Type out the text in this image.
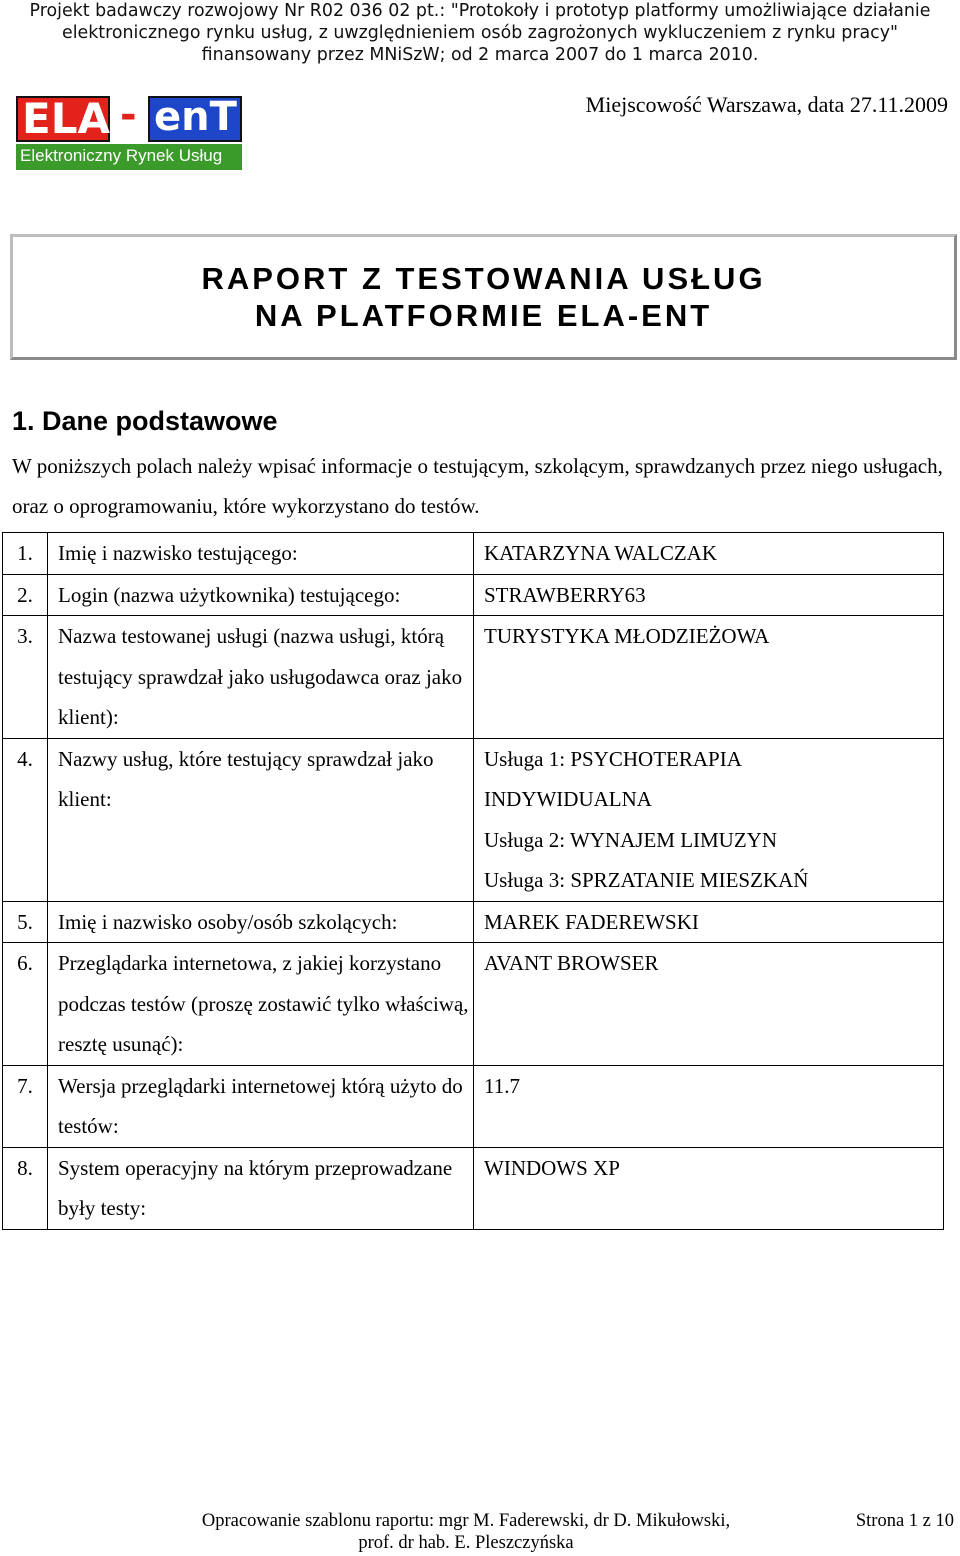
Projekt badawczy rozwojowy Nr R02 036 02 pt.: "Protokoły i prototyp platformy umożliwiające działanie
elektronicznego rynku usług, z uwzględnieniem osób zagrożonych wykluczeniem z rynku pracy"
finansowany przez MNiSzW; od 2 marca 2007 do 1 marca 2010.
ELA - enT
Elektroniczny Rynek Usług
Miejscowość Warszawa, data 27.11.2009
RAPORT Z TESTOWANIA USŁUG
NA PLATFORMIE ELA-ENT
1. Dane podstawowe
W poniższych polach należy wpisać informacje o testującym, szkolącym, sprawdzanych przez niego usługach, oraz o oprogramowaniu, które wykorzystano do testów.
1.	Imię i nazwisko testującego:	KATARZYNA WALCZAK

2.	Login (nazwa użytkownika) testującego:	STRAWBERRY63

3.	Nazwa testowanej usługi (nazwa usługi, którą testujący sprawdzał jako usługodawca oraz jako klient):	TURYSTYKA MŁODZIEŻOWA

4.	Nazwy usług, które testujący sprawdzał jako klient:	Usługa 1: PSYCHOTERAPIA
INDYWIDUALNA
Usługa 2: WYNAJEM LIMUZYN
Usługa 3: SPRZATANIE MIESZKAŃ

5.	Imię i nazwisko osoby/osób szkolących:	MAREK FADEREWSKI

6.	Przeglądarka internetowa, z jakiej korzystano podczas testów (proszę zostawić tylko właściwą, resztę usunąć):	AVANT BROWSER

7.	Wersja przeglądarki internetowej którą użyto do testów:	11.7

8.	System operacyjny na którym przeprowadzane były testy:	WINDOWS XP
Opracowanie szablonu raportu: mgr M. Faderewski, dr D. Mikułowski,
prof. dr hab. E. Pleszczyńska
Strona 1 z 10
